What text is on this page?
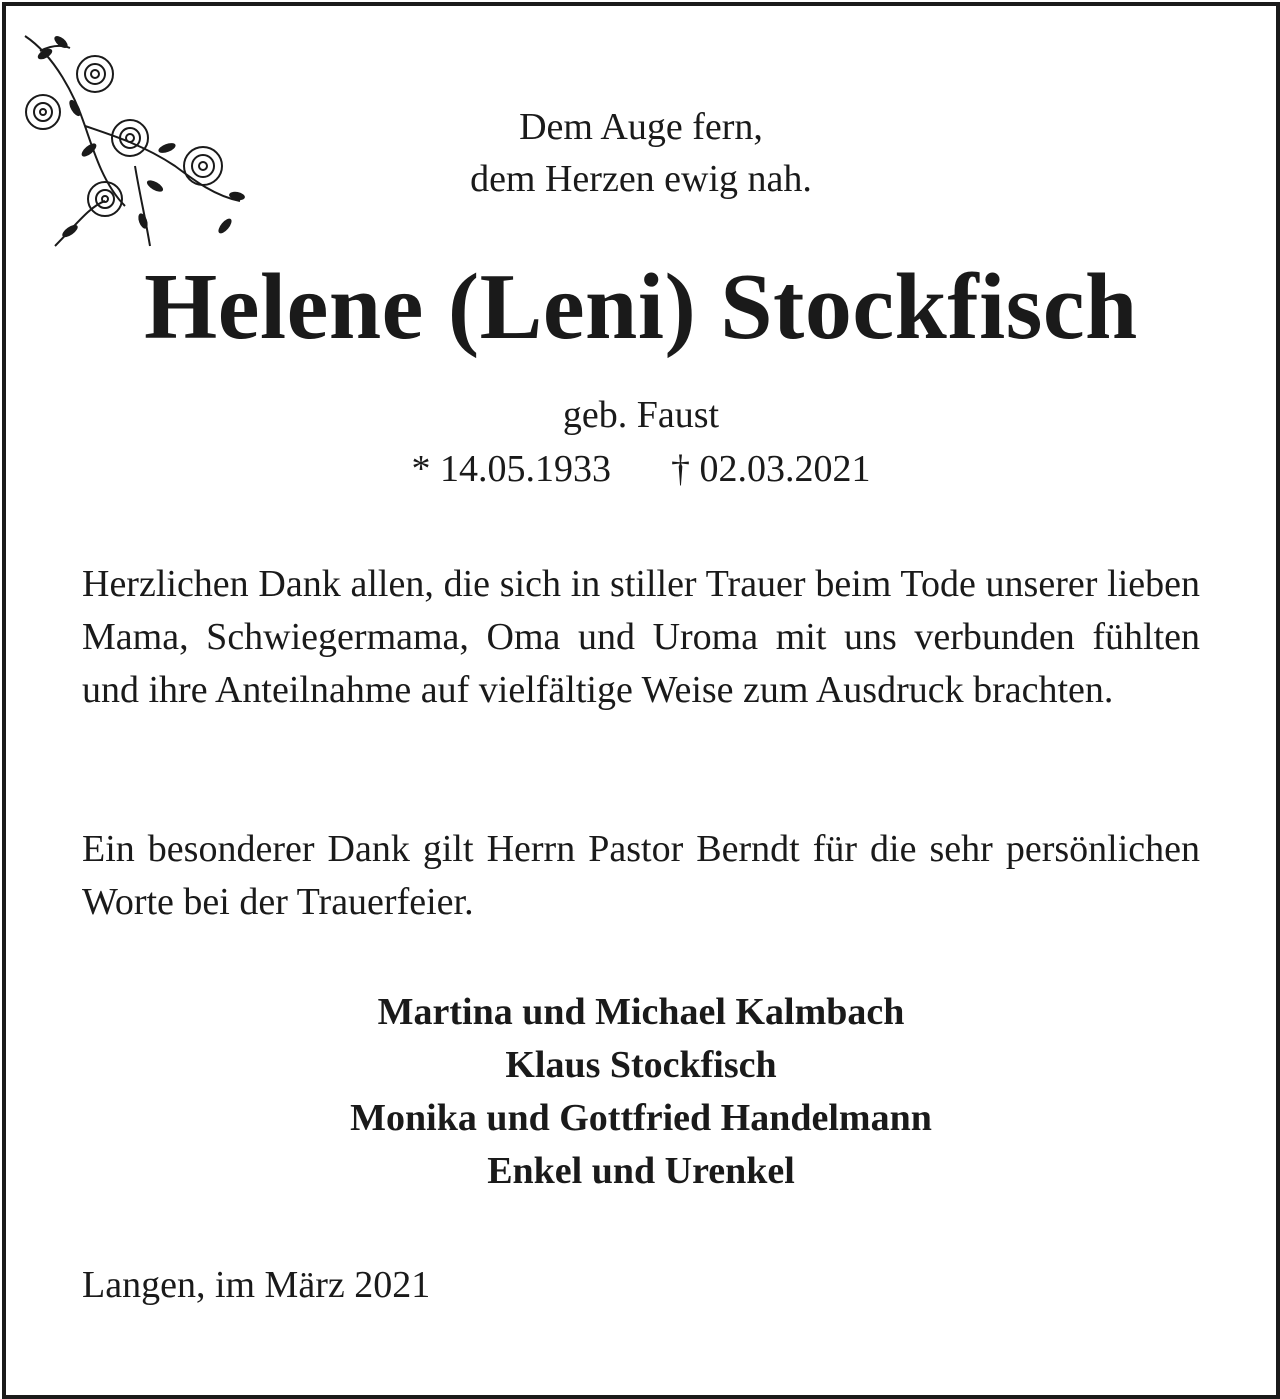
Dem Auge fern,
dem Herzen ewig nah.
Helene (Leni) Stockfisch
geb. Faust
* 14.05.1933 † 02.03.2021
Herzlichen Dank allen, die sich in stiller Trauer beim Tode unserer lieben Mama, Schwiegermama, Oma und Uroma mit uns verbunden fühlten und ihre Anteilnahme auf vielfältige Weise zum Ausdruck brachten.
Ein besonderer Dank gilt Herrn Pastor Berndt für die sehr persönlichen Worte bei der Trauerfeier.
Martina und Michael Kalmbach
Klaus Stockfisch
Monika und Gottfried Handelmann
Enkel und Urenkel
Langen, im März 2021
